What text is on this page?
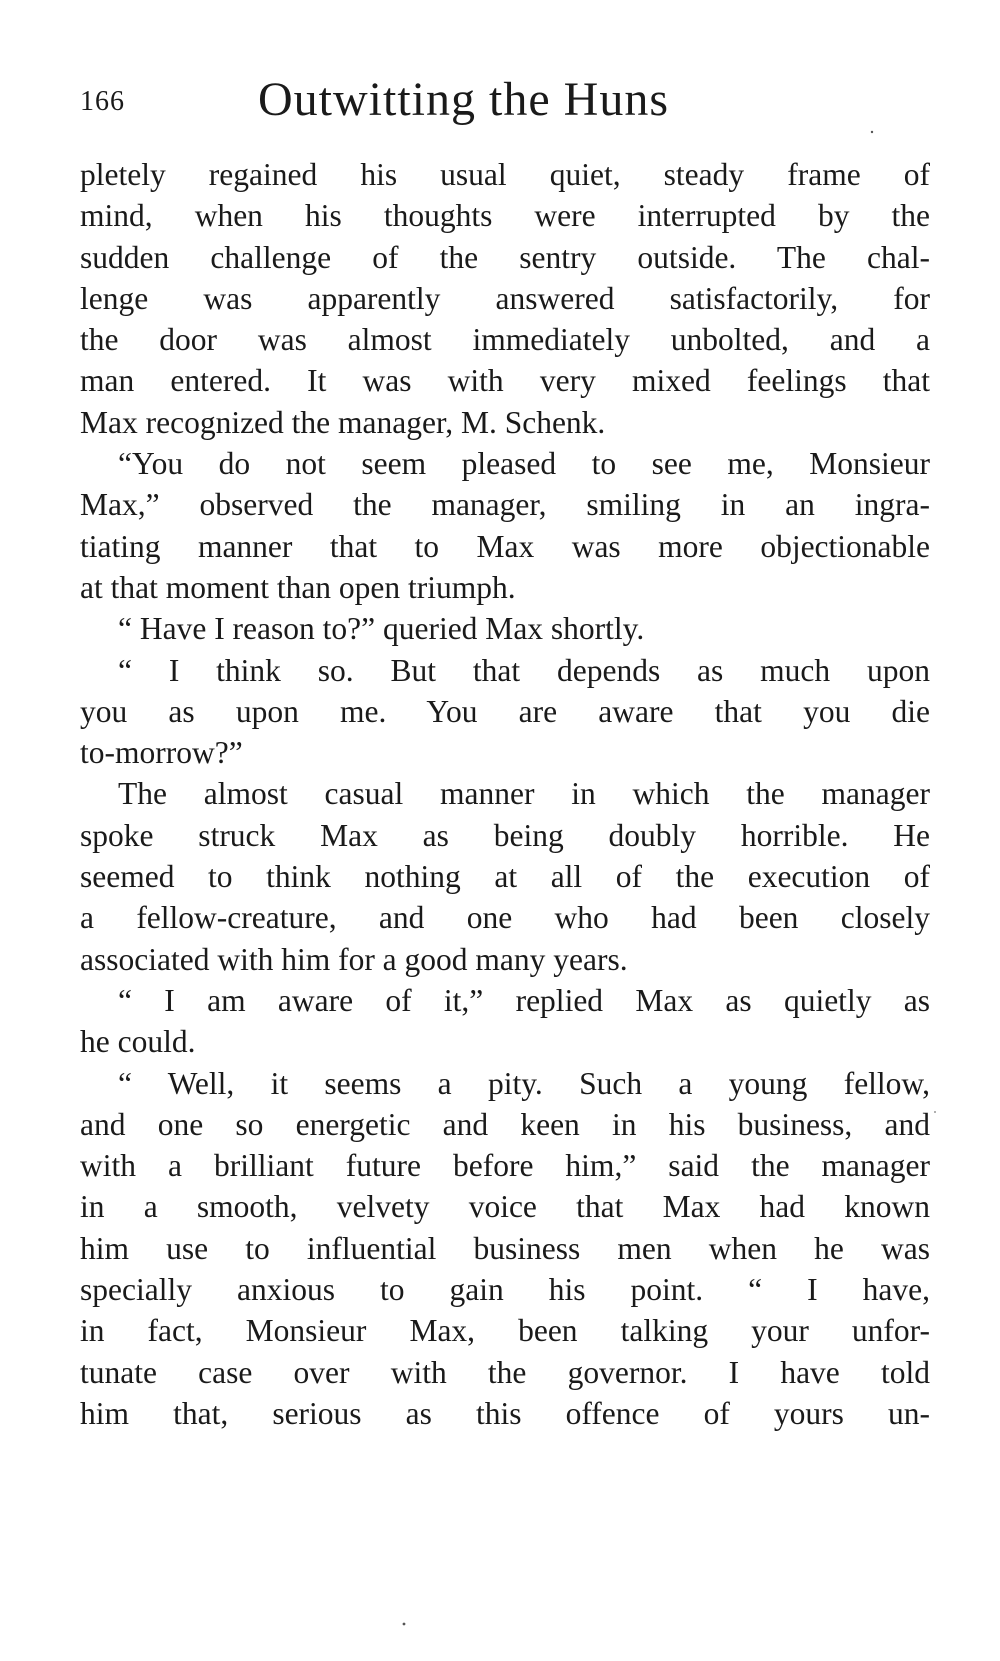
166	Outwitting the Huns
pletely regained his usual quiet, steady frame of
mind, when his thoughts were interrupted by the
sudden challenge of the sentry outside. The chal-
lenge was apparently answered satisfactorily, for
the door was almost immediately unbolted, and a
man entered. It was with very mixed feelings that
Max recognized the manager, M. Schenk.
“You do not seem pleased to see me, Monsieur
Max,” observed the manager, smiling in an ingra-
tiating manner that to Max was more objectionable
at that moment than open triumph.
“ Have I reason to?” queried Max shortly.
“ I think so. But that depends as much upon
you as upon me. You are aware that you die
to-morrow?”
The almost casual manner in which the manager
spoke struck Max as being doubly horrible. He
seemed to think nothing at all of the execution of
a fellow-creature, and one who had been closely
associated with him for a good many years.
“ I am aware of it,” replied Max as quietly as
he could.
“ Well, it seems a pity. Such a young fellow,
and one so energetic and keen in his business, and
with a brilliant future before him,” said the manager
in a smooth, velvety voice that Max had known
him use to influential business men when he was
specially anxious to gain his point. “ I have,
in fact, Monsieur Max, been talking your unfor-
tunate case over with the governor. I have told
him that, serious as this offence of yours un-
